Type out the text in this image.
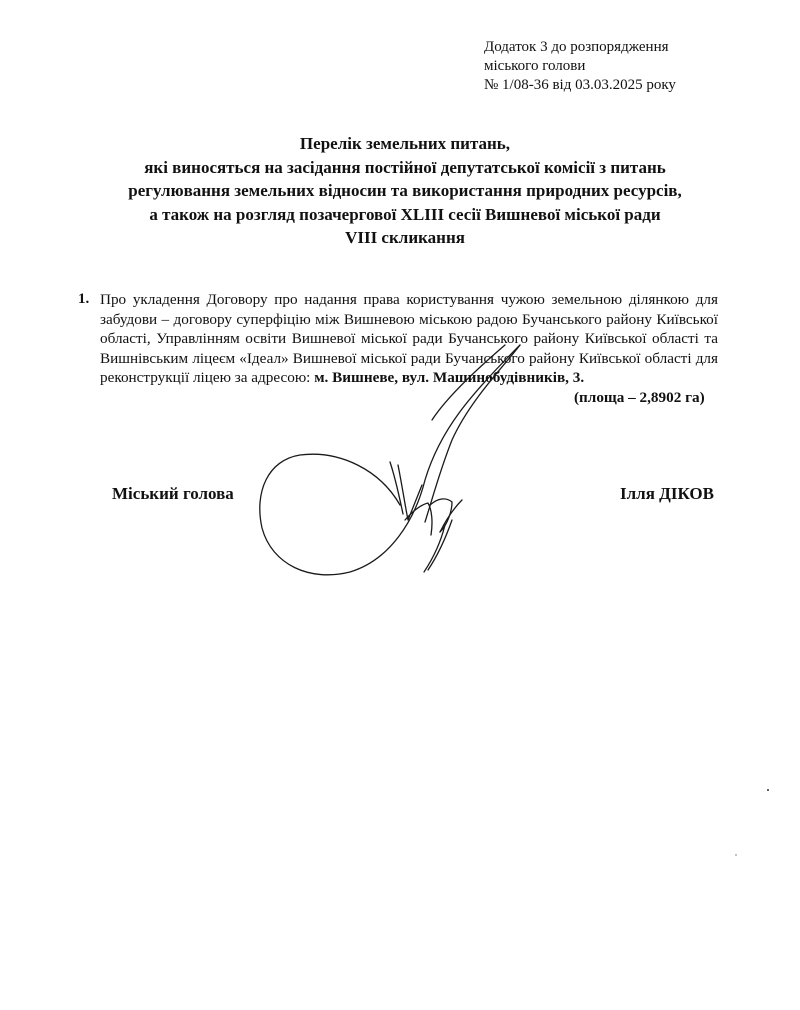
Додаток 3 до розпорядження
міського голови
№ 1/08-36 від 03.03.2025 року
Перелік земельних питань,
які виносяться на засідання постійної депутатської комісії з питань
регулювання земельних відносин та використання природних ресурсів,
а також на розгляд позачергової XLIII сесії Вишневої міської ради
VIII скликання
1. Про укладення Договору про надання права користування чужою земельною ділянкою для забудови – договору суперфіцію між Вишневою міською радою Бучанського району Київської області, Управлінням освіти Вишневої міської ради Бучанського району Київської області та Вишнівським ліцеєм «Ідеал» Вишневої міської ради Бучанського району Київської області для реконструкції ліцею за адресою: м. Вишневе, вул. Машинобудівників, 3.
(площа – 2,8902 га)
Міський голова	Ілля ДІКОВ
